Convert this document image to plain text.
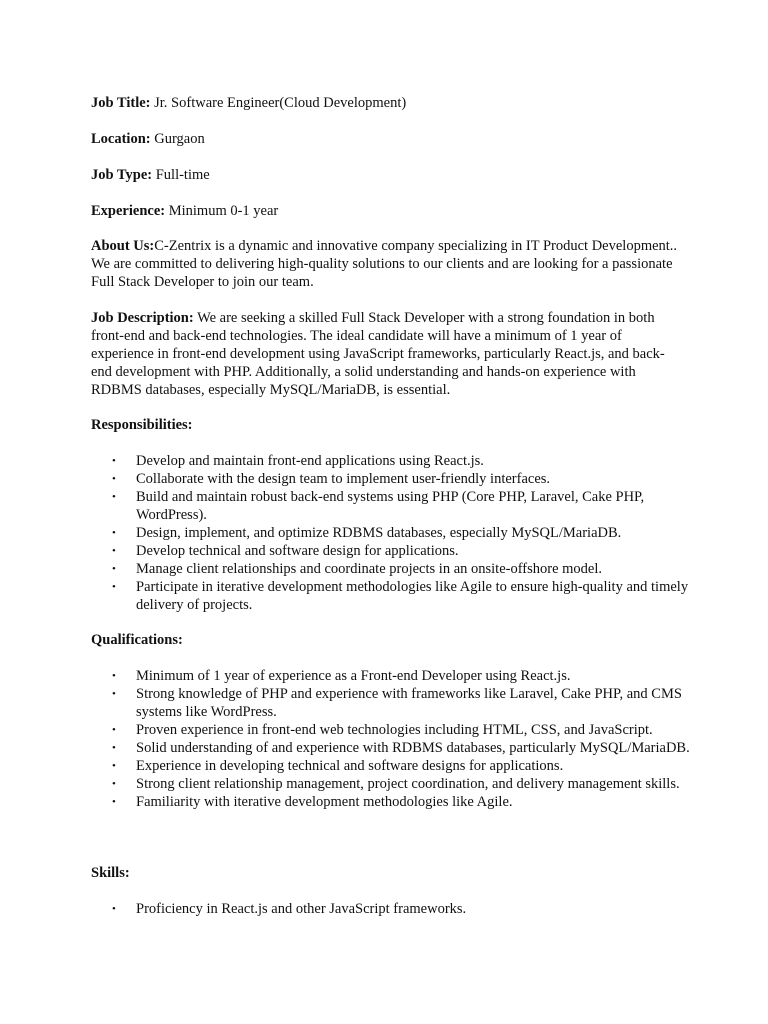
Job Title: Jr. Software Engineer(Cloud Development)
Location: Gurgaon
Job Type: Full-time
Experience: Minimum 0-1 year
About Us:C-Zentrix is a dynamic and innovative company specializing in IT Product Development.. We are committed to delivering high-quality solutions to our clients and are looking for a passionate Full Stack Developer to join our team.
Job Description: We are seeking a skilled Full Stack Developer with a strong foundation in both front-end and back-end technologies. The ideal candidate will have a minimum of 1 year of experience in front-end development using JavaScript frameworks, particularly React.js, and back-end development with PHP. Additionally, a solid understanding and hands-on experience with RDBMS databases, especially MySQL/MariaDB, is essential.
Responsibilities:
• Develop and maintain front-end applications using React.js.
• Collaborate with the design team to implement user-friendly interfaces.
• Build and maintain robust back-end systems using PHP (Core PHP, Laravel, Cake PHP, WordPress).
• Design, implement, and optimize RDBMS databases, especially MySQL/MariaDB.
• Develop technical and software design for applications.
• Manage client relationships and coordinate projects in an onsite-offshore model.
• Participate in iterative development methodologies like Agile to ensure high-quality and timely delivery of projects.
Qualifications:
• Minimum of 1 year of experience as a Front-end Developer using React.js.
• Strong knowledge of PHP and experience with frameworks like Laravel, Cake PHP, and CMS systems like WordPress.
• Proven experience in front-end web technologies including HTML, CSS, and JavaScript.
• Solid understanding of and experience with RDBMS databases, particularly MySQL/MariaDB.
• Experience in developing technical and software designs for applications.
• Strong client relationship management, project coordination, and delivery management skills.
• Familiarity with iterative development methodologies like Agile.
Skills:
• Proficiency in React.js and other JavaScript frameworks.
